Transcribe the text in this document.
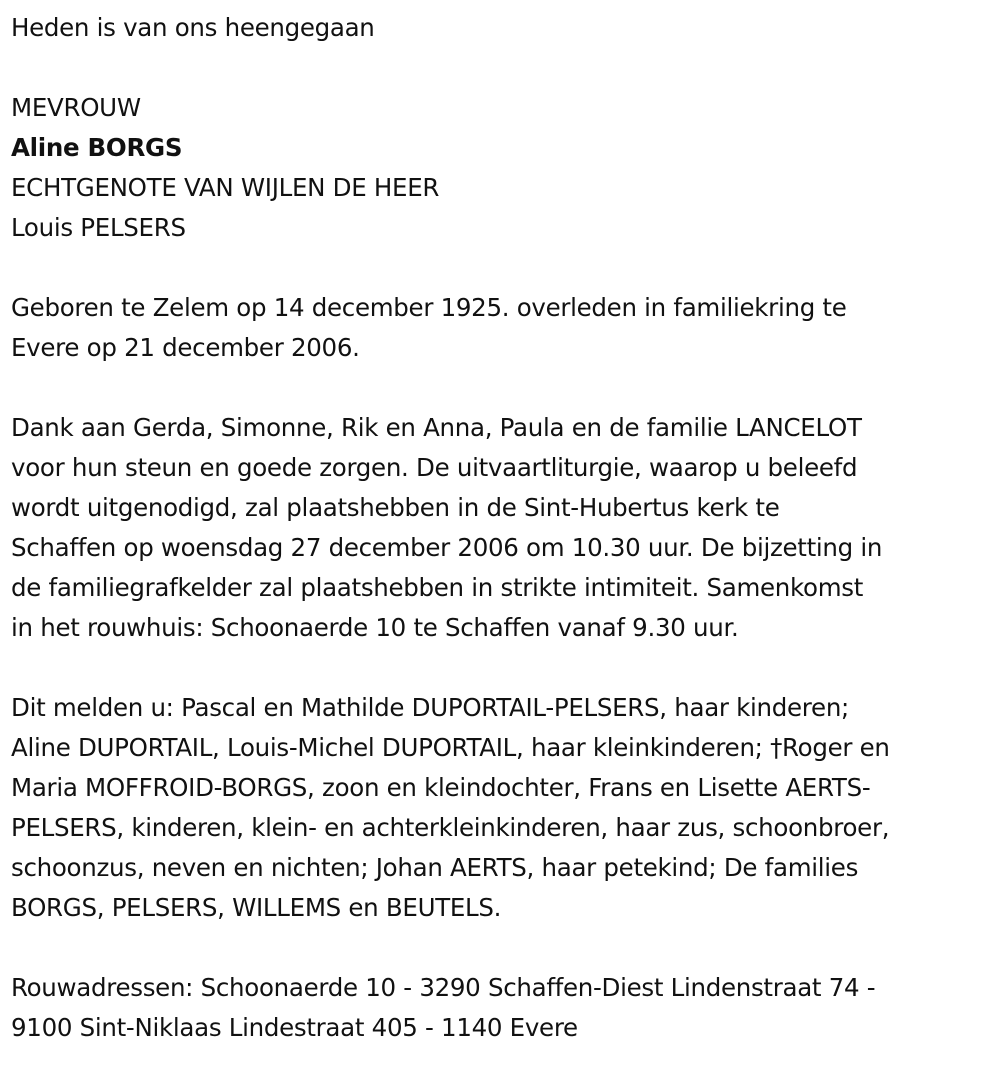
Heden is van ons heengegaan
MEVROUW
Aline BORGS
ECHTGENOTE VAN WIJLEN DE HEER
Louis PELSERS
Geboren te Zelem op 14 december 1925. overleden in familiekring te
Evere op 21 december 2006.
Dank aan Gerda, Simonne, Rik en Anna, Paula en de familie LANCELOT
voor hun steun en goede zorgen. De uitvaartliturgie, waarop u beleefd
wordt uitgenodigd, zal plaatshebben in de Sint-Hubertus kerk te
Schaffen op woensdag 27 december 2006 om 10.30 uur. De bijzetting in
de familiegrafkelder zal plaatshebben in strikte intimiteit. Samenkomst
in het rouwhuis: Schoonaerde 10 te Schaffen vanaf 9.30 uur.
Dit melden u: Pascal en Mathilde DUPORTAIL-PELSERS, haar kinderen;
Aline DUPORTAIL, Louis-Michel DUPORTAIL, haar kleinkinderen; †Roger en
Maria MOFFROID-BORGS, zoon en kleindochter, Frans en Lisette AERTS-
PELSERS, kinderen, klein- en achterkleinkinderen, haar zus, schoonbroer,
schoonzus, neven en nichten; Johan AERTS, haar petekind; De families
BORGS, PELSERS, WILLEMS en BEUTELS.
Rouwadressen: Schoonaerde 10 - 3290 Schaffen-Diest Lindenstraat 74 -
9100 Sint-Niklaas Lindestraat 405 - 1140 Evere
